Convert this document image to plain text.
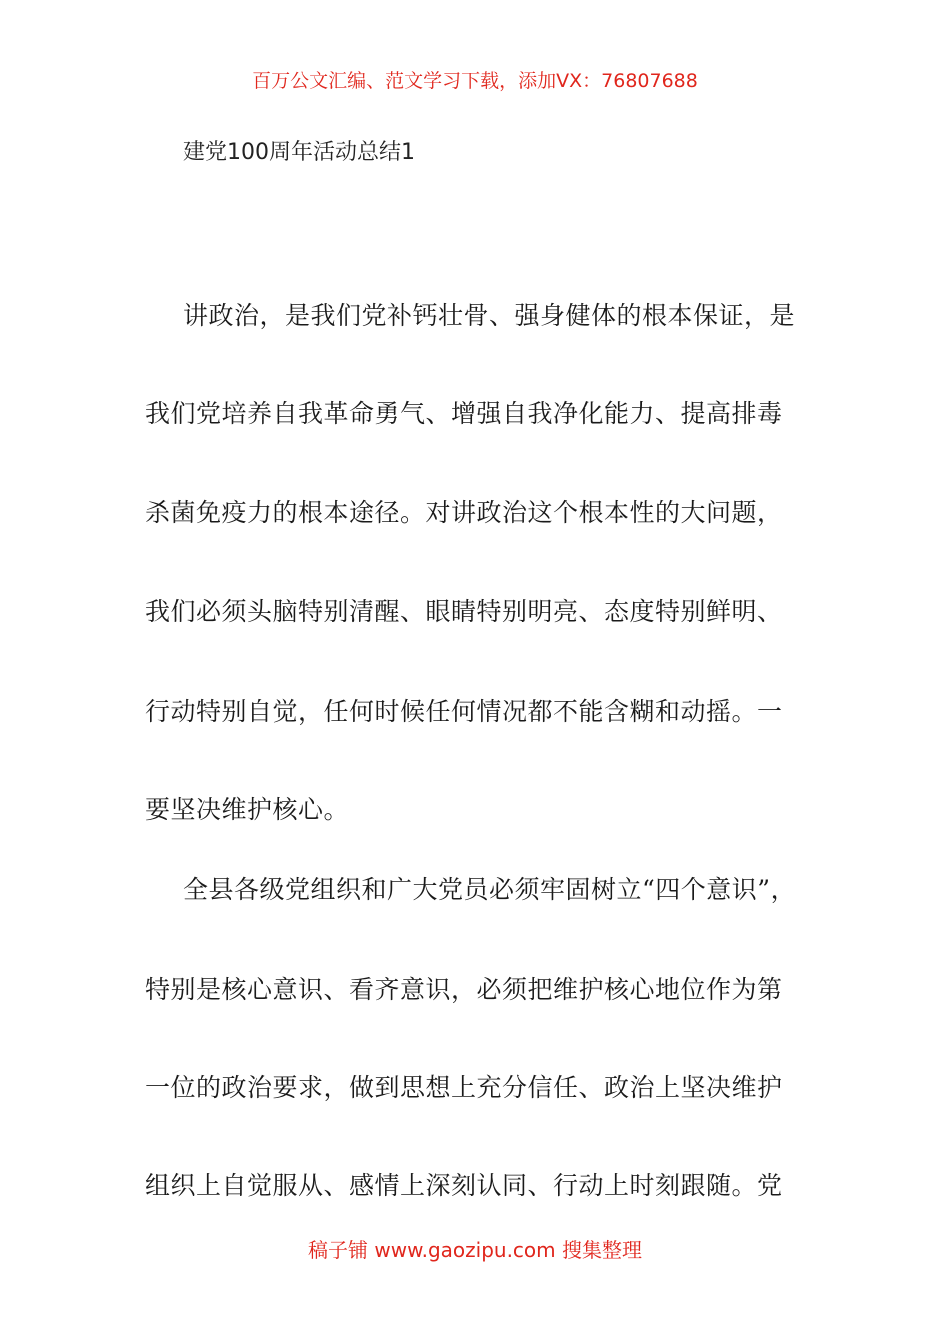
百万公文汇编、范文学习下载，添加VX：76807688
建党100周年活动总结1
讲政治，是我们党补钙壮骨、强身健体的根本保证，是
我们党培养自我革命勇气、增强自我净化能力、提高排毒
杀菌免疫力的根本途径。对讲政治这个根本性的大问题，
我们必须头脑特别清醒、眼睛特别明亮、态度特别鲜明、
行动特别自觉，任何时候任何情况都不能含糊和动摇。一
要坚决维护核心。
全县各级党组织和广大党员必须牢固树立“四个意识”，
特别是核心意识、看齐意识，必须把维护核心地位作为第
一位的政治要求，做到思想上充分信任、政治上坚决维护
组织上自觉服从、感情上深刻认同、行动上时刻跟随。党
稿子铺 www.gaozipu.com 搜集整理
